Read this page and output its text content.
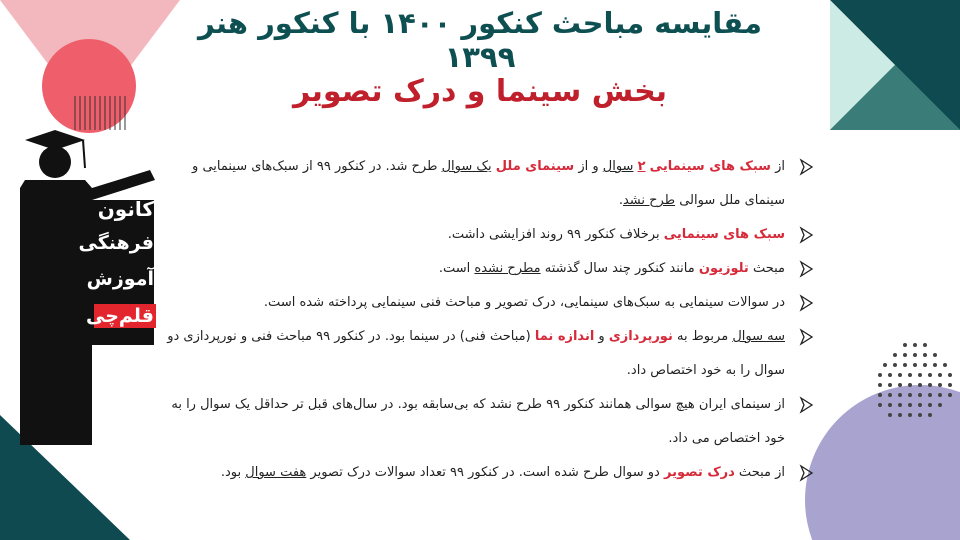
کانون
فرهنگی
آموزش
قلم‌چی
مقایسه مباحث کنکور ۱۴۰۰ با کنکور هنر ۱۳۹۹
بخش سینما و درک تصویر
از سبک های سینمایی ۲ سوال و از سینمای ملل یک سوال طرح شد. در کنکور ۹۹ از سبک‌های سینمایی و سینمای ملل سوالی طرح نشد.
سبک های سینمایی برخلاف کنکور ۹۹ روند افزایشی داشت.
مبحث تلوزیون مانند کنکور چند سال گذشته مطرح نشده است.
در سوالات سینمایی به سبک‌های سینمایی، درک تصویر و مباحث فنی سینمایی پرداخته شده است.
سه سوال مربوط به نورپردازی و اندازه نما (مباحث فنی) در سینما بود. در کنکور ۹۹ مباحث فنی و نورپردازی دو سوال را به خود اختصاص داد.
از سینمای ایران هیچ سوالی همانند کنکور ۹۹ طرح نشد که بی‌سابقه بود. در سال‌های قبل تر حداقل یک سوال را به خود اختصاص می داد.
از مبحث درک تصویر دو سوال طرح شده است. در کنکور ۹۹ تعداد سوالات درک تصویر هفت سوال بود.
